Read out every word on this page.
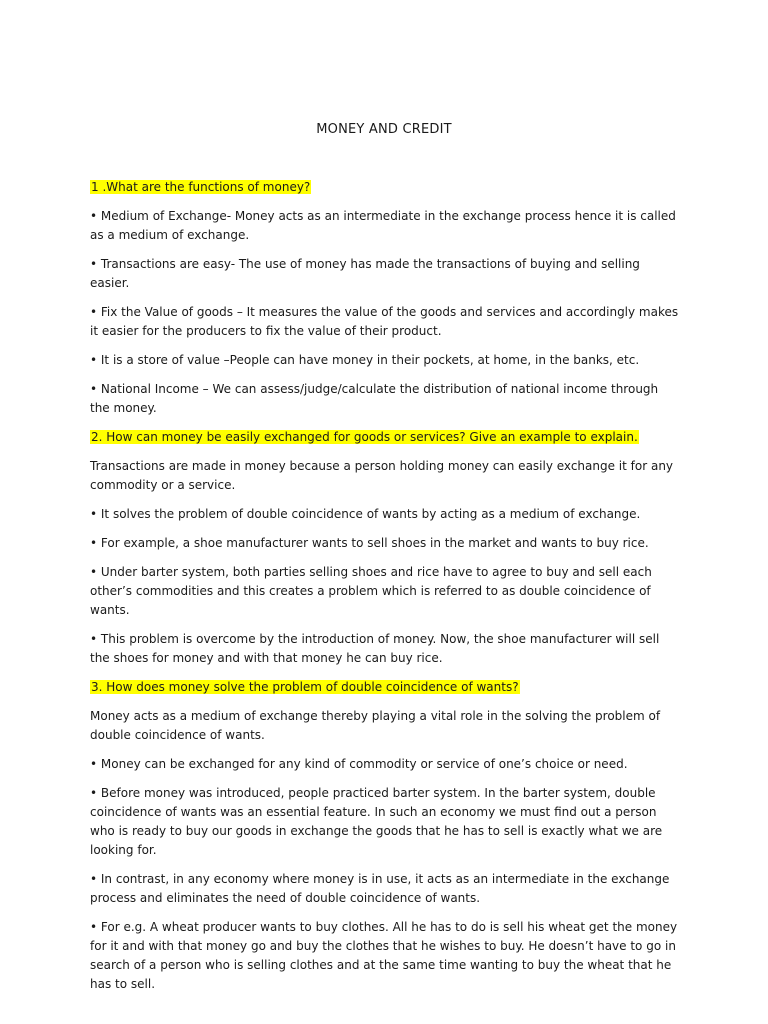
MONEY AND CREDIT

1 .What are the functions of money?

• Medium of Exchange- Money acts as an intermediate in the exchange process hence it is called as a medium of exchange.

• Transactions are easy- The use of money has made the transactions of buying and selling easier.

• Fix the Value of goods – It measures the value of the goods and services and accordingly makes it easier for the producers to fix the value of their product.

• It is a store of value –People can have money in their pockets, at home, in the banks, etc.

• National Income – We can assess/judge/calculate the distribution of national income through the money.

2. How can money be easily exchanged for goods or services? Give an example to explain.

Transactions are made in money because a person holding money can easily exchange it for any commodity or a service.

• It solves the problem of double coincidence of wants by acting as a medium of exchange.

• For example, a shoe manufacturer wants to sell shoes in the market and wants to buy rice.

• Under barter system, both parties selling shoes and rice have to agree to buy and sell each other’s commodities and this creates a problem which is referred to as double coincidence of wants.

• This problem is overcome by the introduction of money. Now, the shoe manufacturer will sell the shoes for money and with that money he can buy rice.

3. How does money solve the problem of double coincidence of wants?

Money acts as a medium of exchange thereby playing a vital role in the solving the problem of double coincidence of wants.

• Money can be exchanged for any kind of commodity or service of one’s choice or need.

• Before money was introduced, people practiced barter system. In the barter system, double coincidence of wants was an essential feature. In such an economy we must find out a person who is ready to buy our goods in exchange the goods that he has to sell is exactly what we are looking for.

• In contrast, in any economy where money is in use, it acts as an intermediate in the exchange process and eliminates the need of double coincidence of wants.

• For e.g. A wheat producer wants to buy clothes. All he has to do is sell his wheat get the money for it and with that money go and buy the clothes that he wishes to buy. He doesn’t have to go in search of a person who is selling clothes and at the same time wanting to buy the wheat that he has to sell.
